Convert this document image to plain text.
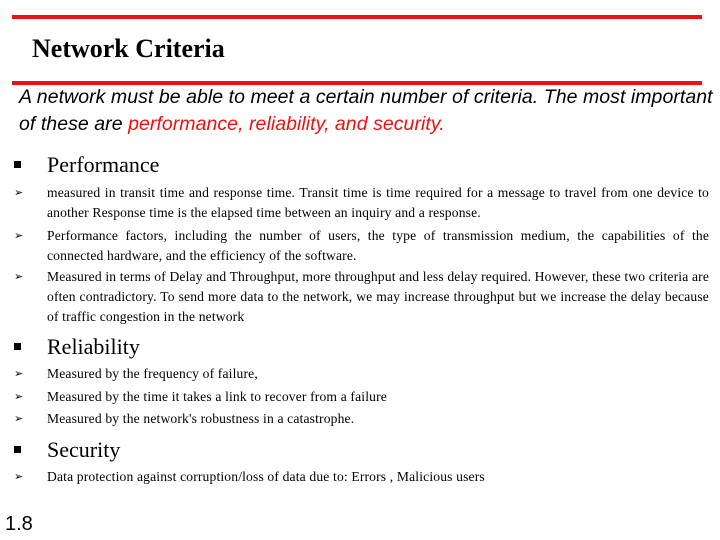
Network Criteria
A network must be able to meet a certain number of criteria. The most important of these are performance, reliability, and security.
Performance
➢ measured in transit time and response time. Transit time is time required for a message to travel from one device to another Response time is the elapsed time between an inquiry and a response.
➢ Performance factors, including the number of users, the type of transmission medium, the capabilities of the connected hardware, and the efficiency of the software.
➢ Measured in terms of Delay and Throughput, more throughput and less delay required. However, these two criteria are often contradictory. To send more data to the network, we may increase throughput but we increase the delay because of traffic congestion in the network
Reliability
➢ Measured by the frequency of failure,
➢ Measured by the time it takes a link to recover from a failure
➢ Measured by the network's robustness in a catastrophe.
Security
➢ Data protection against corruption/loss of data due to: Errors , Malicious users
1.8
